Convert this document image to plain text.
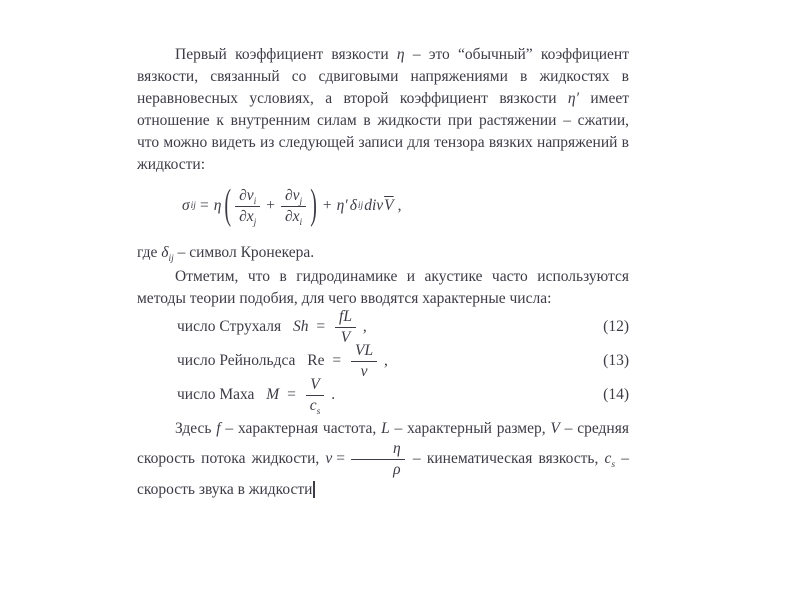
Первый коэффициент вязкости η – это “обычный” коэффициент вязкости, связанный со сдвиговыми напряжениями в жидкостях в неравновесных условиях, а второй коэффициент вязкости η′ имеет отношение к внутренним силам в жидкости при растяжении – сжатии, что можно видеть из следующей записи для тензора вязких напряжений в жидкости:

σ ij = η ( $\frac{\partial v_i}{\partial x_j} + \frac{\partial v_j}{\partial x_i}$ ) + η′ δ ij div $\overline{V}$ ,

где $\delta_{ij}$ – символ Кронекера.

Отметим, что в гидродинамике и акустике часто используются методы теории подобия, для чего вводятся характерные числа:

число Струхаля $Sh = \frac{fL}{V}$ ,	(12)
число Рейнольдса $Re = \frac{VL}{\nu}$ ,	(13)
число Маха $M = \frac{V}{c_s}$ .	(14)

Здесь f – характерная частота, L – характерный размер, V – средняя скорость потока жидкости, $\nu = \frac{\eta}{\rho}$ – кинематическая вязкость, $c_s$ – скорость звука в жидкости
